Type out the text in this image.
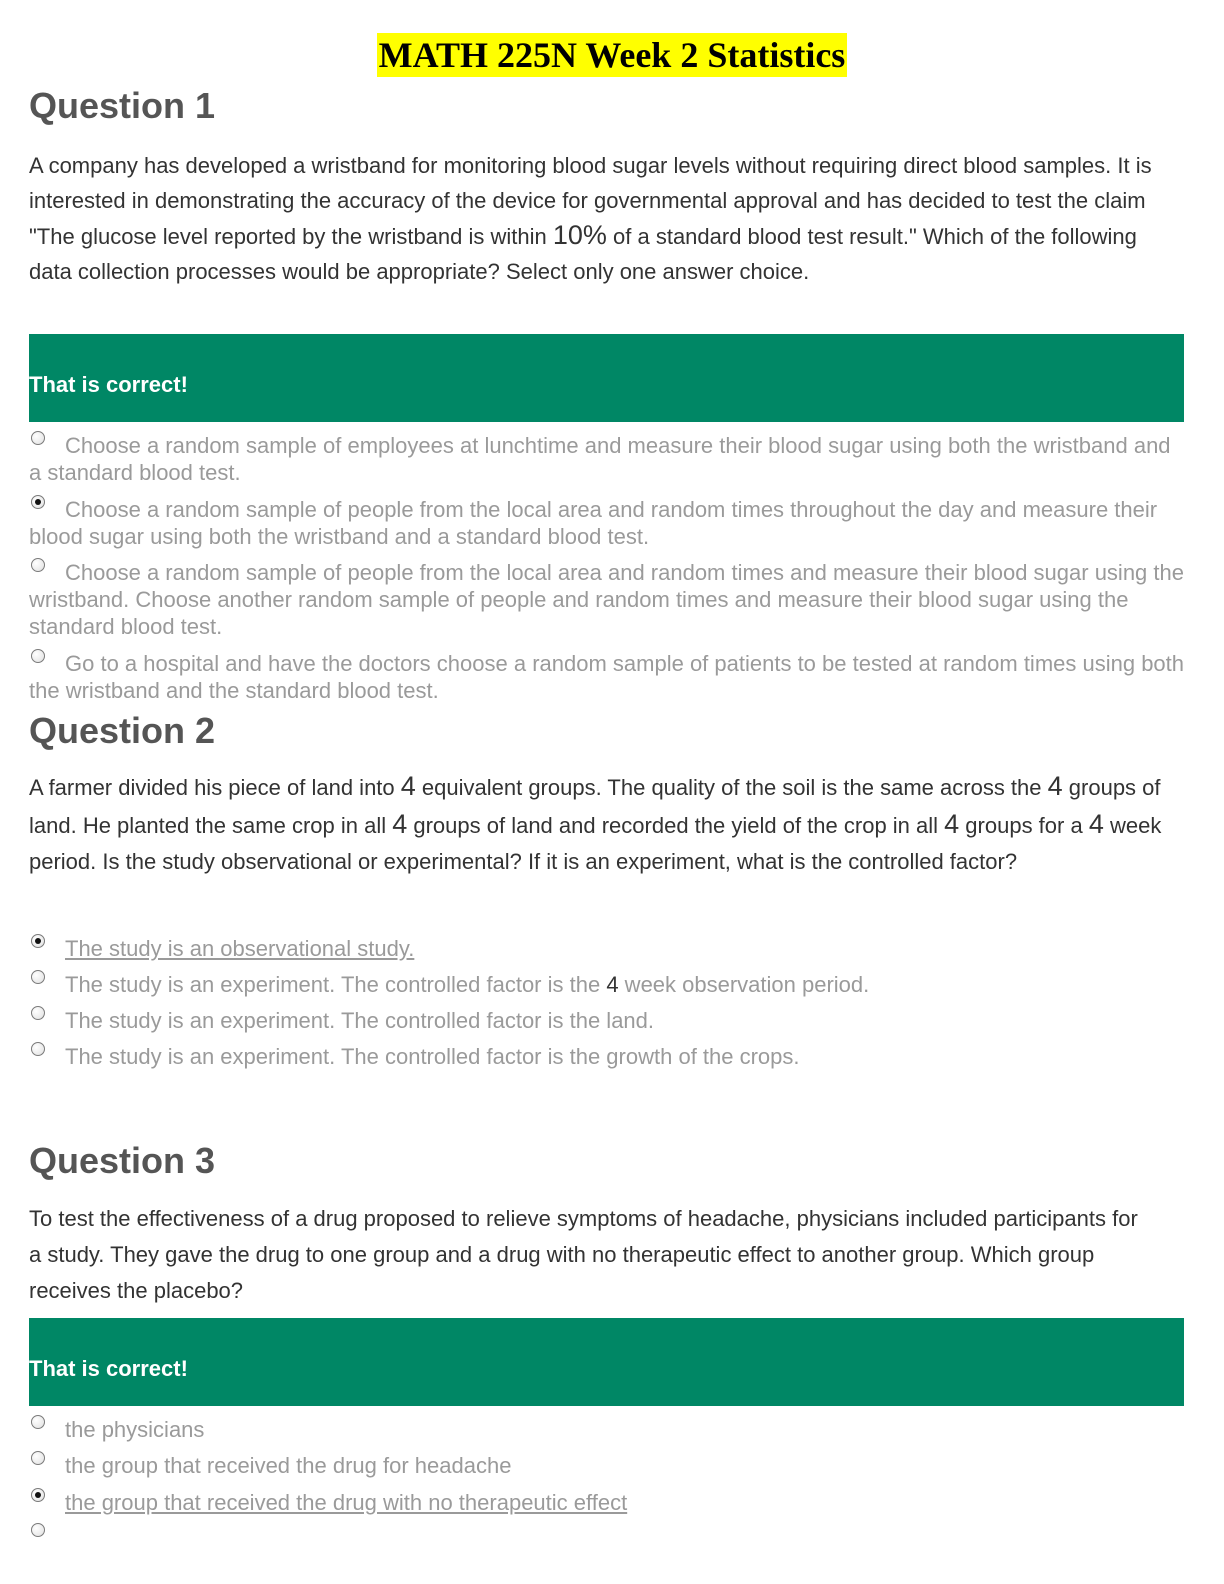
MATH 225N Week 2 Statistics
Question 1

A company has developed a wristband for monitoring blood sugar levels without requiring direct blood samples. It is interested in demonstrating the accuracy of the device for governmental approval and has decided to test the claim "The glucose level reported by the wristband is within 10% of a standard blood test result." Which of the following data collection processes would be appropriate? Select only one answer choice.

That is correct!

Choose a random sample of employees at lunchtime and measure their blood sugar using both the wristband and a standard blood test.

Choose a random sample of people from the local area and random times throughout the day and measure their blood sugar using both the wristband and a standard blood test.

Choose a random sample of people from the local area and random times and measure their blood sugar using the wristband. Choose another random sample of people and random times and measure their blood sugar using the standard blood test.

Go to a hospital and have the doctors choose a random sample of patients to be tested at random times using both the wristband and the standard blood test.

Question 2

A farmer divided his piece of land into 4 equivalent groups. The quality of the soil is the same across the 4 groups of land. He planted the same crop in all 4 groups of land and recorded the yield of the crop in all 4 groups for a 4 week period. Is the study observational or experimental? If it is an experiment, what is the controlled factor?

The study is an observational study.

The study is an experiment. The controlled factor is the 4 week observation period.

The study is an experiment. The controlled factor is the land.

The study is an experiment. The controlled factor is the growth of the crops.

Question 3

To test the effectiveness of a drug proposed to relieve symptoms of headache, physicians included participants for a study. They gave the drug to one group and a drug with no therapeutic effect to another group. Which group receives the placebo?

That is correct!

the physicians

the group that received the drug for headache

the group that received the drug with no therapeutic effect
